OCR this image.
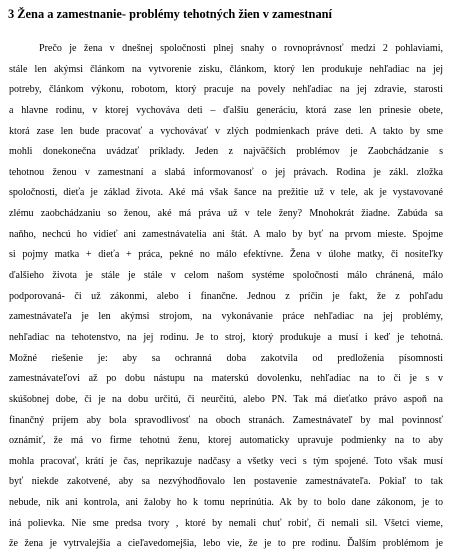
3 Žena a zamestnanie- problémy tehotných žien v zamestnaní
Prečo je žena v dnešnej spoločnosti plnej snahy o rovnoprávnosť medzi 2 pohlaviami,
stále len akýmsi článkom na vytvorenie zisku, článkom, ktorý len produkuje nehľadiac na jej
potreby, článkom výkonu, robotom, ktorý pracuje na povely nehľadiac na jej zdravie, starosti
a hlavne rodinu, v ktorej vychováva deti – ďalšiu generáciu, ktorá zase len prinesie obete,
ktorá zase len bude pracovať a vychovávať v zlých podmienkach práve deti. A takto by sme
mohli donekonečna uvádzať príklady. Jeden z najväčších problémov je Zaobchádzanie s
tehotnou ženou v zamestnaní a slabá informovanosť o jej právach. Rodina je zákl. zložka
spoločnosti, dieťa je základ života. Aké má však šance na prežitie už v tele, ak je vystavované
zlému zaobchádzaniu so ženou, aké má práva už v tele ženy? Mnohokrát žiadne. Zabúda sa
naňho, nechcú ho vidieť ani zamestnávatelia ani štát. A malo by byť na prvom mieste. Spojme
si pojmy matka + dieťa + práca, pekné no málo efektívne. Žena v úlohe matky, či nositeľky
ďalšieho života je stále je stále v celom našom systéme spoločnosti málo chránená, málo
podporovaná- či už zákonmi, alebo i finančne. Jednou z príčin je fakt, že z pohľadu
zamestnávateľa je len akýmsi strojom, na vykonávanie práce nehľadiac na jej problémy,
nehľadiac na tehotenstvo, na jej rodinu. Je to stroj, ktorý produkuje a musí i keď je tehotná.
Možné riešenie je: aby sa ochranná doba zakotvila od predloženia písomnosti
zamestnávateľovi až po dobu nástupu na materskú dovolenku, nehľadiac na to či je s v
skúšobnej dobe, či je na dobu určitú, či neurčitú, alebo PN. Tak má dieťatko právo aspoň na
finančný príjem aby bola spravodlivosť na oboch stranách. Zamestnávateľ by mal povinnosť
oznámiť, že má vo firme tehotnú ženu, ktorej automaticky upravuje podmienky na to aby
mohla pracovať, krátí je čas, neprikazuje nadčasy a všetky veci s tým spojené. Toto však musí
byť niekde zakotvené, aby sa nezvýhodňovalo len postavenie zamestnávateľa. Pokiaľ to tak
nebude, nik ani kontrola, ani žaloby ho k tomu neprinútia. Ak by to bolo dane zákonom, je to
iná polievka. Nie sme predsa tvory , ktoré by nemali chuť robiť, či nemali sil. Všetci vieme,
že žena je vytrvalejšia a cieľavedomejšia, lebo vie, že je to pre rodinu. Ďalším problémom je
